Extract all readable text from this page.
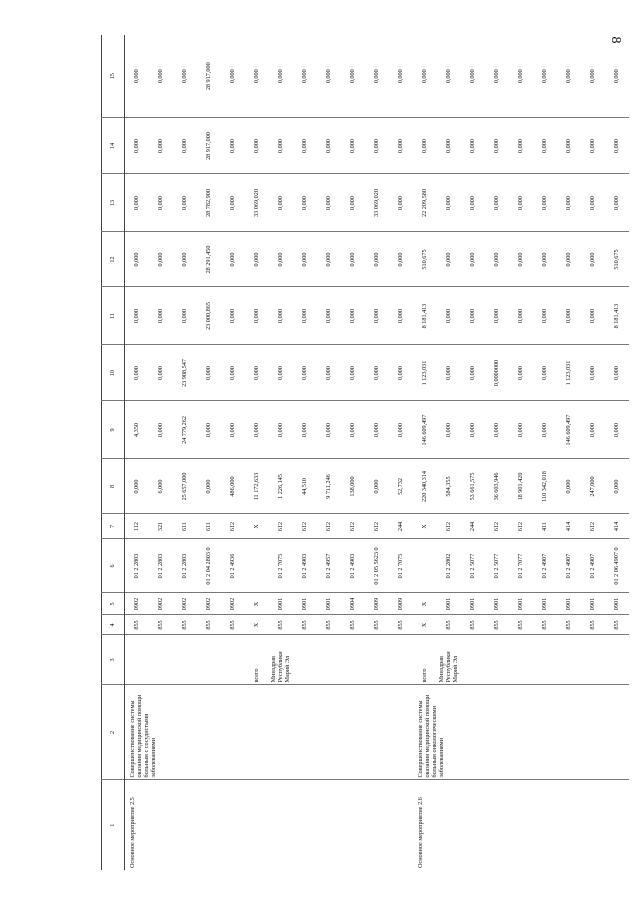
8
1	2	3	4	5	6	7	8	9	10	11	12	13	14	15
Основное мероприятие 2.5	Совершенствование системы оказания медицинской помощи больным с сосудистыми заболеваниями		855	0902	01 2 2803	112	0,000	4,350	0,000	0,000	0,000	0,000	0,000	0,000
			855	0902	01 2 2803	321	6,000	0,000	0,000	0,000	0,000	0,000	0,000	0,000
			855	0902	01 2 2803	611	25 657,000	24 779,262	23 908,547	0,000	0,000	0,000	0,000	0,000
			855	0902	01 2 04 2803 0	611	0,000	0,000	0,000	23 000,865	28 291,450	28 782,900	28 917,000	28 917,000
			855	0902	01 2 4936	612	486,000	0,000	0,000	0,000	0,000	0,000	0,000	0,000
		всего	Х	Х		Х	11 172,633	0,000	0,000	0,000	0,000	33 069,020	0,000	0,000
		Минздрав Республики Марий Эл	855	0901	01 2 7075	612	1 226,145	0,000	0,000	0,000	0,000	0,000	0,000	0,000
			855	0901	01 2 4903	612	44,510	0,000	0,000	0,000	0,000	0,000	0,000	0,000
			855	0901	01 2 4957	612	9 711,246	0,000	0,000	0,000	0,000	0,000	0,000	0,000
			855	0904	01 2 4903	612	138,000	0,000	0,000	0,000	0,000	0,000	0,000	0,000
			855	0909	01 2 05 5623 0	612	0,000	0,000	0,000	0,000	0,000	33 069,020	0,000	0,000
			855	0909	01 2 7075	244	52,732	0,000	0,000	0,000	0,000	0,000	0,000	0,000
Основное мероприятие 2.6	Совершенствование системы оказания медицинской помощи больным онкологическими заболеваниями	всего	Х	Х		Х	220 340,314	146 609,497	1 123,031	8 181,413	510,675	22 209,580	0,000	0,000
		Минздрав Республики Марий Эл	855	0901	01 2 2802	612	584,355	0,000	0,000	0,000	0,000	0,000	0,000	0,000
			855	0901	01 2 5077	244	53 661,575	0,000	0,000	0,000	0,000	0,000	0,000	0,000
			855	0901	01 2 5077	612	36 603,946	0,000	0,0000000	0,000	0,000	0,000	0,000	0,000
			855	0901	01 2 7077	612	18 901,420	0,000	0,000	0,000	0,000	0,000	0,000	0,000
			855	0901	01 2 4907	411	110 342,018	0,000	0,000	0,000	0,000	0,000	0,000	0,000
			855	0901	01 2 4907	414	0,000	146 609,497	1 123,031	0,000	0,000	0,000	0,000	0,000
			855	0901	01 2 4907	612	247,000	0,000	0,000	0,000	0,000	0,000	0,000	0,000
			855	0901	01 2 06 4907 0	414	0,000	0,000	0,000	8 181,413	510,675	0,000	0,000	0,000
